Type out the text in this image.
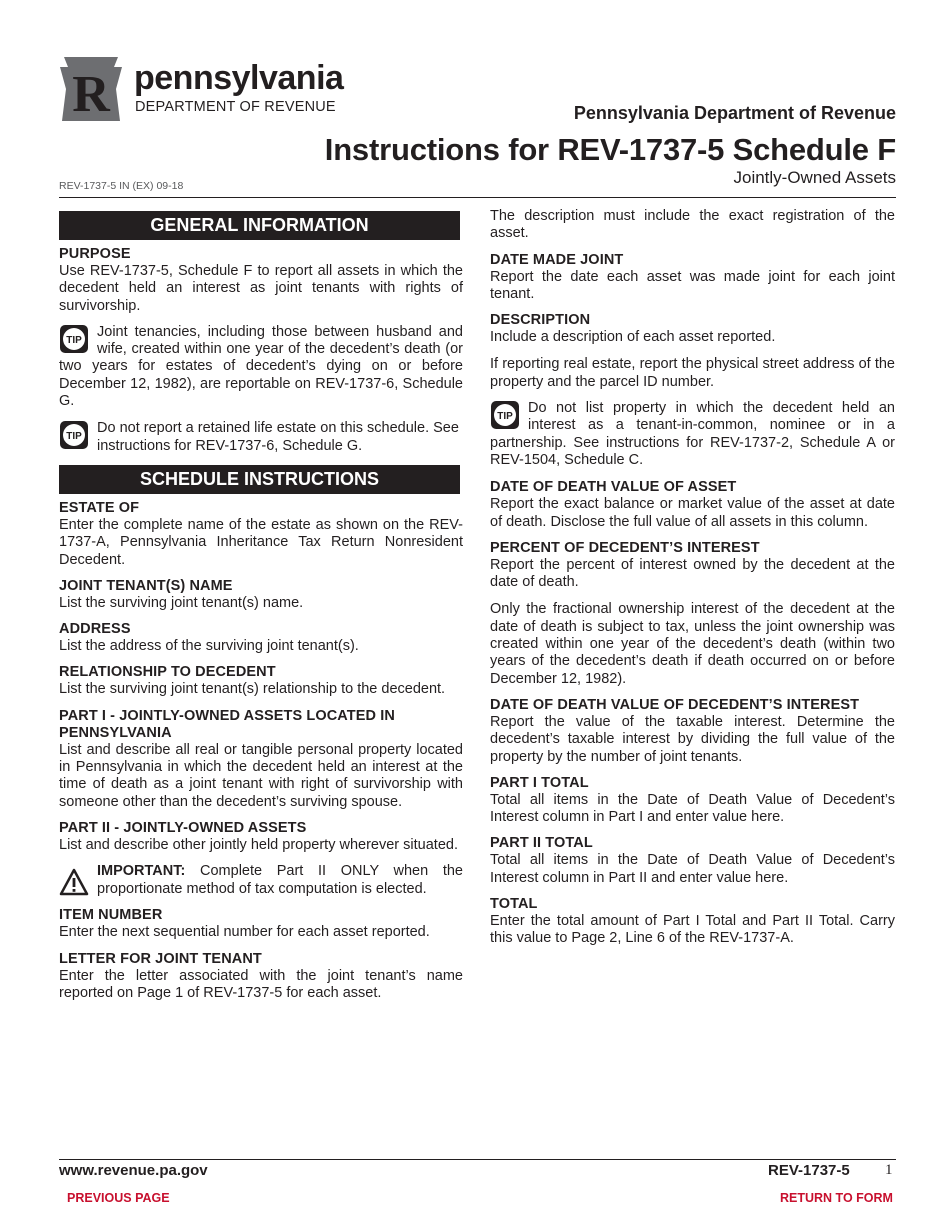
R pennsylvania
DEPARTMENT OF REVENUE	Pennsylvania Department of Revenue
Instructions for REV-1737-5 Schedule F
Jointly-Owned Assets
REV-1737-5 IN (EX) 09-18
GENERAL INFORMATION
PURPOSE

Use REV-1737-5, Schedule F to report all assets in which the decedent held an interest as joint tenants with rights of survivorship.

TIP

Joint tenancies, including those between husband and wife, created within one year of the decedent’s death (or two years for estates of decedent’s dying on or before December 12, 1982), are reportable on REV-1737-6, Schedule G.

TIP

Do not report a retained life estate on this schedule. See instructions for REV-1737-6, Schedule G.

SCHEDULE INSTRUCTIONS
ESTATE OF

Enter the complete name of the estate as shown on the REV-1737-A, Pennsylvania Inheritance Tax Return Nonresident Decedent.

JOINT TENANT(S) NAME

List the surviving joint tenant(s) name.

ADDRESS

List the address of the surviving joint tenant(s).

RELATIONSHIP TO DECEDENT

List the surviving joint tenant(s) relationship to the decedent.

PART I - JOINTLY-OWNED ASSETS LOCATED IN PENNSYLVANIA

List and describe all real or tangible personal property located in Pennsylvania in which the decedent held an interest at the time of death as a joint tenant with right of survivorship with someone other than the decedent’s surviving spouse.

PART II - JOINTLY-OWNED ASSETS

List and describe other jointly held property wherever situated.

IMPORTANT: Complete Part II ONLY when the proportionate method of tax computation is elected.

ITEM NUMBER

Enter the next sequential number for each asset reported.

LETTER FOR JOINT TENANT

Enter the letter associated with the joint tenant’s name reported on Page 1 of REV-1737-5 for each asset.

The description must include the exact registration of the asset.

DATE MADE JOINT

Report the date each asset was made joint for each joint tenant.

DESCRIPTION

Include a description of each asset reported.

If reporting real estate, report the physical street address of the property and the parcel ID number.

TIP

Do not list property in which the decedent held an interest as a tenant-in-common, nominee or in a partnership. See instructions for REV-1737-2, Schedule A or REV-1504, Schedule C.

DATE OF DEATH VALUE OF ASSET

Report the exact balance or market value of the asset at date of death. Disclose the full value of all assets in this column.

PERCENT OF DECEDENT’S INTEREST

Report the percent of interest owned by the decedent at the date of death.

Only the fractional ownership interest of the decedent at the date of death is subject to tax, unless the joint ownership was created within one year of the decedent’s death (within two years of the decedent’s death if death occurred on or before December 12, 1982).

DATE OF DEATH VALUE OF DECEDENT’S INTEREST

Report the value of the taxable interest. Determine the decedent’s taxable interest by dividing the full value of the property by the number of joint tenants.

PART I TOTAL

Total all items in the Date of Death Value of Decedent’s Interest column in Part I and enter value here.

PART II TOTAL

Total all items in the Date of Death Value of Decedent’s Interest column in Part II and enter value here.

TOTAL

Enter the total amount of Part I Total and Part II Total. Carry this value to Page 2, Line 6 of the REV-1737-A.

www.revenue.pa.gov	REV-1737-5 1
PREVIOUS PAGE	RETURN TO FORM
